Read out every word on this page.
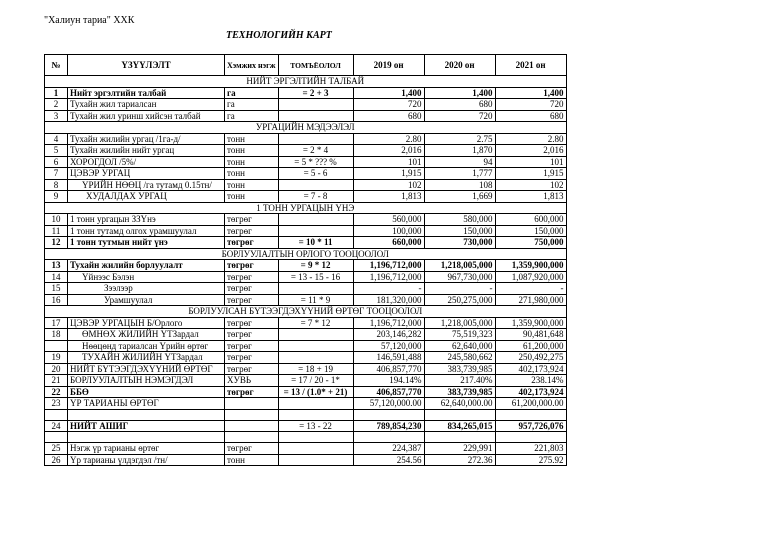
"Халиун тариа" ХХК
ТЕХНОЛОГИЙН КАРТ
№	ҮЗҮҮЛЭЛТ	Хэмжих нэгж	ТОМЪЁОЛОЛ	2019 он	2020 он	2021 он
НИЙТ ЭРГЭЛТИЙН ТАЛБАЙ						
1	Нийт эргэлтийн талбай	га	= 2 + 3	1,400	1,400	1,400
2	Тухайн жил тариалсан	га		720	680	720
3	Тухайн жил уринш хийсэн талбай	га		680	720	680
УРГАЦИЙН МЭДЭЭЛЭЛ						
4	Тухайн жилийн ургац /1га-д/	тонн		2.80	2.75	2.80
5	Тухайн жилийн нийт ургац	тонн	= 2 * 4	2,016	1,870	2,016
6	ХОРОГДОЛ /5%/	тонн	= 5 * ??? %	101	94	101
7	ЦЭВЭР УРГАЦ	тонн	= 5 - 6	1,915	1,777	1,915
8	ҮРИЙН НӨӨЦ /га тутамд 0.15тн/	тонн		102	108	102
9	ХУДАЛДАХ УРГАЦ	тонн	= 7 - 8	1,813	1,669	1,813
1 ТОНН УРГАЦЫН ҮНЭ						
10	1 тонн ургацын ЗЗҮнэ	төгрөг		560,000	580,000	600,000
11	1 тонн тутамд олгох урамшуулал	төгрөг		100,000	150,000	150,000
12	1 тонн тутмын нийт үнэ	төгрөг	= 10 * 11	660,000	730,000	750,000
БОРЛУУЛАЛТЫН ОРЛОГО ТООЦООЛОЛ						
13	Тухайн жилийн борлуулалт	төгрөг	= 9 * 12	1,196,712,000	1,218,005,000	1,359,900,000
14	Үйнээс Бэлэн	төгрөг	= 13 - 15 - 16	1,196,712,000	967,730,000	1,087,920,000
15	Зээлээр	төгрөг		-	-	-
16	Урамшуулал	төгрөг	= 11 * 9	181,320,000	250,275,000	271,980,000
БОРЛУУЛСАН БҮТЭЭГДЭХҮҮНИЙ ӨРТӨГ ТООЦООЛОЛ						
17	ЦЭВЭР УРГАЦЫН Б/Орлого	төгрөг	= 7 * 12	1,196,712,000	1,218,005,000	1,359,900,000
18	ӨМНӨХ ЖИЛИЙН ҮТЗардал	төгрөг		203,146,282	75,519,323	90,481,648
	Нөөцөнд тариалсан Үрийн өртөг	төгрөг		57,120,000	62,640,000	61,200,000
19	ТУХАЙН ЖИЛИЙН ҮТЗардал	төгрөг		146,591,488	245,580,662	250,492,275
20	НИЙТ БҮТЭЭГДЭХҮҮНИЙ ӨРТӨГ	төгрөг	= 18 + 19	406,857,770	383,739,985	402,173,924
21	БОРЛУУЛАЛТЫН НЭМЭГДЭЛ	ХУВЬ	= 17 / 20 - 1*	194.14%	217.40%	238.14%
22	ББӨ	төгрөг	= 13 / (1.0* + 21)	406,857,770	383,739,985	402,173,924
23	ҮР ТАРИАНЫ ӨРТӨГ			57,120,000.00	62,640,000.00	61,200,000.00

24	НИЙТ АШИГ		= 13 - 22	789,854,230	834,265,015	957,726,076

25	Нэгж үр тарианы өртөг	төгрөг		224,387	229,991	221,803
26	Үр тарианы үлдэгдэл /тн/	тонн		254.56	272.36	275.92
